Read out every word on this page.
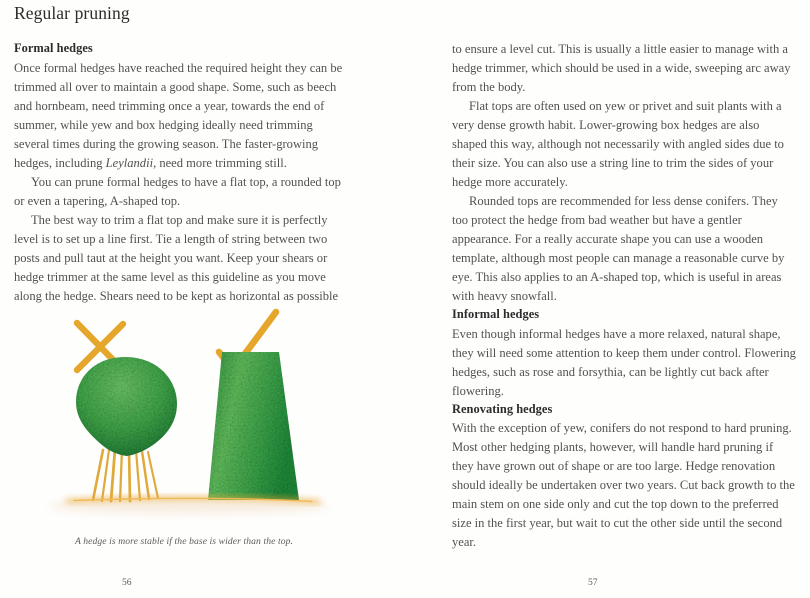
Regular pruning
Formal hedges

Once formal hedges have reached the required height they can be trimmed all over to maintain a good shape. Some, such as beech and hornbeam, need trimming once a year, towards the end of summer, while yew and box hedging ideally need trimming several times during the growing season. The faster-growing hedges, including Leylandii, need more trimming still.

You can prune formal hedges to have a flat top, a rounded top or even a tapering, A-shaped top.

The best way to trim a flat top and make sure it is perfectly level is to set up a line first. Tie a length of string between two posts and pull taut at the height you want. Keep your shears or hedge trimmer at the same level as this guideline as you move along the hedge. Shears need to be kept as horizontal as possible

A hedge is more stable if the base is wider than the top.

to ensure a level cut. This is usually a little easier to manage with a hedge trimmer, which should be used in a wide, sweeping arc away from the body.

Flat tops are often used on yew or privet and suit plants with a very dense growth habit. Lower-growing box hedges are also shaped this way, although not necessarily with angled sides due to their size. You can also use a string line to trim the sides of your hedge more accurately.

Rounded tops are recommended for less dense conifers. They too protect the hedge from bad weather but have a gentler appearance. For a really accurate shape you can use a wooden template, although most people can manage a reasonable curve by eye. This also applies to an A-shaped top, which is useful in areas with heavy snowfall.

Informal hedges

Even though informal hedges have a more relaxed, natural shape, they will need some attention to keep them under control. Flowering hedges, such as rose and forsythia, can be lightly cut back after flowering.

Renovating hedges

With the exception of yew, conifers do not respond to hard pruning. Most other hedging plants, however, will handle hard pruning if they have grown out of shape or are too large. Hedge renovation should ideally be undertaken over two years. Cut back growth to the main stem on one side only and cut the top down to the preferred size in the first year, but wait to cut the other side until the second year.

56	57
